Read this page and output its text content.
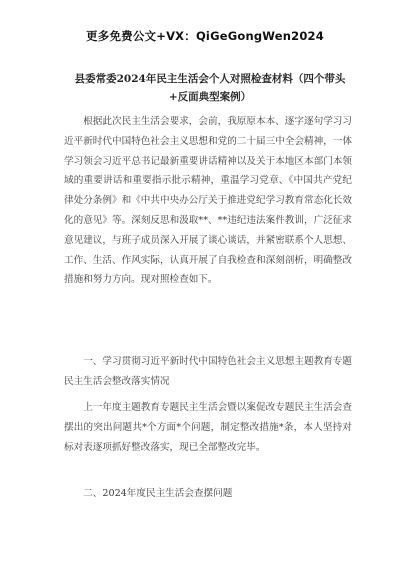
更多免费公文+VX：QiGeGongWen2024
县委常委2024年民主生活会个人对照检查材料（四个带头+反面典型案例）

根据此次民主生活会要求，会前，我原原本本、逐字逐句学习习近平新时代中国特色社会主义思想和党的二十届三中全会精神，一体学习领会习近平总书记最新重要讲话精神以及关于本地区本部门本领域的重要讲话和重要指示批示精神，重温学习党章、《中国共产党纪律处分条例》和《中共中央办公厅关于推进党纪学习教育常态化长效化的意见》等。深刻反思和汲取**、**违纪违法案件教训，广泛征求意见建议，与班子成员深入开展了谈心谈话，并紧密联系个人思想、工作、生活、作风实际，认真开展了自我检查和深刻剖析，明确整改措施和努力方向。现对照检查如下。

一、学习贯彻习近平新时代中国特色社会主义思想主题教育专题民主生活会整改落实情况

上一年度主题教育专题民主生活会暨以案促改专题民主生活会查摆出的突出问题共*个方面*个问题，制定整改措施*条，本人坚持对标对表逐项抓好整改落实，现已全部整改完毕。

二、2024年度民主生活会查摆问题
